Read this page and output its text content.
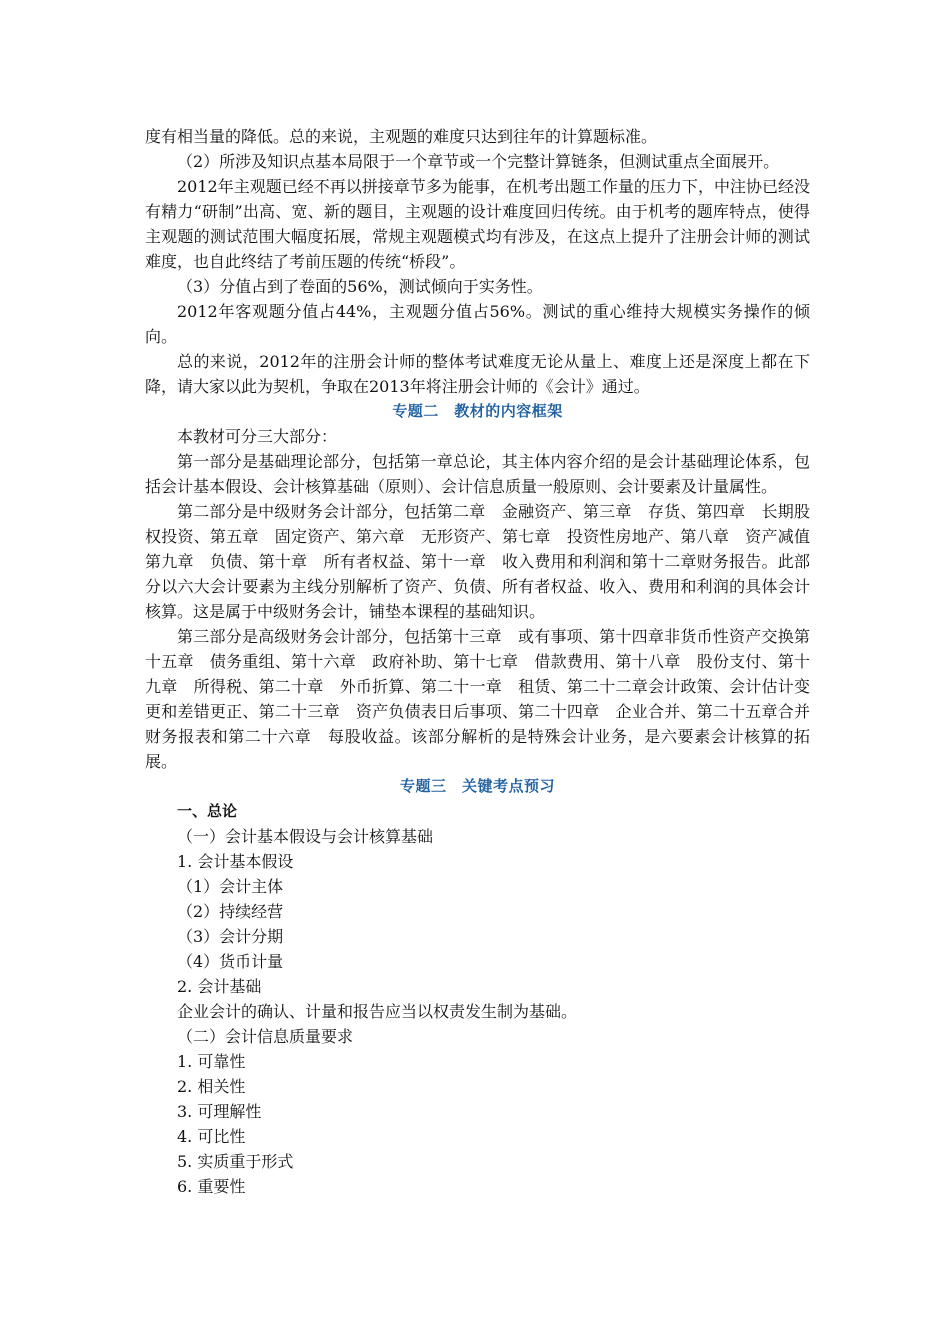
度有相当量的降低。总的来说，主观题的难度只达到往年的计算题标准。

（2）所涉及知识点基本局限于一个章节或一个完整计算链条，但测试重点全面展开。

2012年主观题已经不再以拼接章节多为能事，在机考出题工作量的压力下，中注协已经没有精力“研制”出高、宽、新的题目，主观题的设计难度回归传统。由于机考的题库特点，使得主观题的测试范围大幅度拓展，常规主观题模式均有涉及，在这点上提升了注册会计师的测试难度，也自此终结了考前压题的传统“桥段”。

（3）分值占到了卷面的56%，测试倾向于实务性。

2012年客观题分值占44%，主观题分值占56%。测试的重心维持大规模实务操作的倾向。

总的来说，2012年的注册会计师的整体考试难度无论从量上、难度上还是深度上都在下降，请大家以此为契机，争取在2013年将注册会计师的《会计》通过。

专题二　教材的内容框架

本教材可分三大部分：

第一部分是基础理论部分，包括第一章总论，其主体内容介绍的是会计基础理论体系，包括会计基本假设、会计核算基础（原则）、会计信息质量一般原则、会计要素及计量属性。

第二部分是中级财务会计部分，包括第二章　金融资产、第三章　存货、第四章　长期股权投资、第五章　固定资产、第六章　无形资产、第七章　投资性房地产、第八章　资产减值第九章　负债、第十章　所有者权益、第十一章　收入费用和利润和第十二章财务报告。此部分以六大会计要素为主线分别解析了资产、负债、所有者权益、收入、费用和利润的具体会计核算。这是属于中级财务会计，铺垫本课程的基础知识。

第三部分是高级财务会计部分，包括第十三章　或有事项、第十四章非货币性资产交换第十五章　债务重组、第十六章　政府补助、第十七章　借款费用、第十八章　股份支付、第十九章　所得税、第二十章　外币折算、第二十一章　租赁、第二十二章会计政策、会计估计变更和差错更正、第二十三章　资产负债表日后事项、第二十四章　企业合并、第二十五章合并财务报表和第二十六章　每股收益。该部分解析的是特殊会计业务，是六要素会计核算的拓展。

专题三　关键考点预习

一、总论

（一）会计基本假设与会计核算基础

1. 会计基本假设

（1）会计主体

（2）持续经营

（3）会计分期

（4）货币计量

2. 会计基础

企业会计的确认、计量和报告应当以权责发生制为基础。

（二）会计信息质量要求

1. 可靠性

2. 相关性

3. 可理解性

4. 可比性

5. 实质重于形式

6. 重要性
